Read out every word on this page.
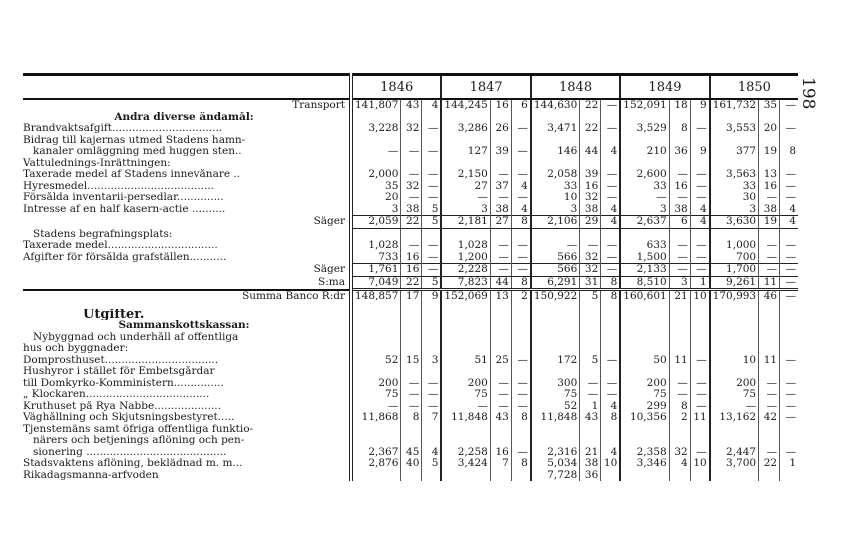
198
	1846			1847			1848			1849			1850		
Transport	141,807	43	4	144,245	16	6	144,630	22	—	152,091	18	9	161,732	35	—
Andra diverse ändamål:															
Brandvaktsafgift.................................	3,228	32	—	3,286	26	—	3,471	22	—	3,529	8	—	3,553	20	—
Bidrag till kajernas utmed Stadens hamn-															
kanaler omläggning med huggen sten..	—	—	—	127	39	—	146	44	4	210	36	9	377	19	8
Vattulednings-Inrättningen:															
Taxerade medel af Stadens innevånare ..	2,000	—	—	2,150	—	—	2,058	39	—	2,600	—	—	3,563	13	—
Hyresmedel......................................	35	32	—	27	37	4	33	16	—	33	16	—	33	16	—
Försålda inventarii-persedlar..............	20	—	—	—	—	—	10	32	—	—	—	—	30	—	—
Intresse af en half kasern-actie ..........	3	38	5	3	38	4	3	38	4	3	38	4	3	38	4
Säger	2,059	22	5	2,181	27	8	2,106	29	4	2,637	6	4	3,630	19	4
Stadens begrafningsplats:															
Taxerade medel.................................	1,028	—	—	1,028	—	—	—	—	—	633	—	—	1,000	—	—
Afgifter för försålda grafställen...........	733	16	—	1,200	—	—	566	32	—	1,500	—	—	700	—	—
Säger	1,761	16	—	2,228	—	—	566	32	—	2,133	—	—	1,700	—	—
S:ma	7,049	22	5	7,823	44	8	6,291	31	8	8,510	3	1	9,261	11	—
Summa Banco R:dr	148,857	17	9	152,069	13	2	150,922	5	8	160,601	21	10	170,993	46	—

Utgifter.															
Sammanskottskassan:															
Nybyggnad och underhåll af offentliga															
hus och byggnader:															
Domprosthuset..................................	52	15	3	51	25	—	172	5	—	50	11	—	10	11	—
Hushyror i stället för Embetsgårdar															
till Domkyrko-Komministern...............	200	—	—	200	—	—	300	—	—	200	—	—	200	—	—
„ Klockaren.....................................	75	—	—	75	—	—	75	—	—	75	—	—	75	—	—
Kruthuset på Rya Nabbe....................	—	—	—	—	—	—	52	1	4	299	8	—	—	—	—
Väghållning och Skjutsningsbestyret.....	11,868	8	7	11,848	43	8	11,848	43	8	10,356	2	11	13,162	42	—
Tjenstemäns samt öfriga offentliga funktio-															
närers och betjenings aflöning och pen-															
sionering ..........................................	2,367	45	4	2,258	16	—	2,316	21	4	2,358	32	—	2,447	—	—
Stadsvaktens aflöning, beklädnad m. m...	2,876	40	5	3,424	7	8	5,034	38	10	3,346	4	10	3,700	22	1
Rikadagsmanna-arfvoden							7,728	36							
